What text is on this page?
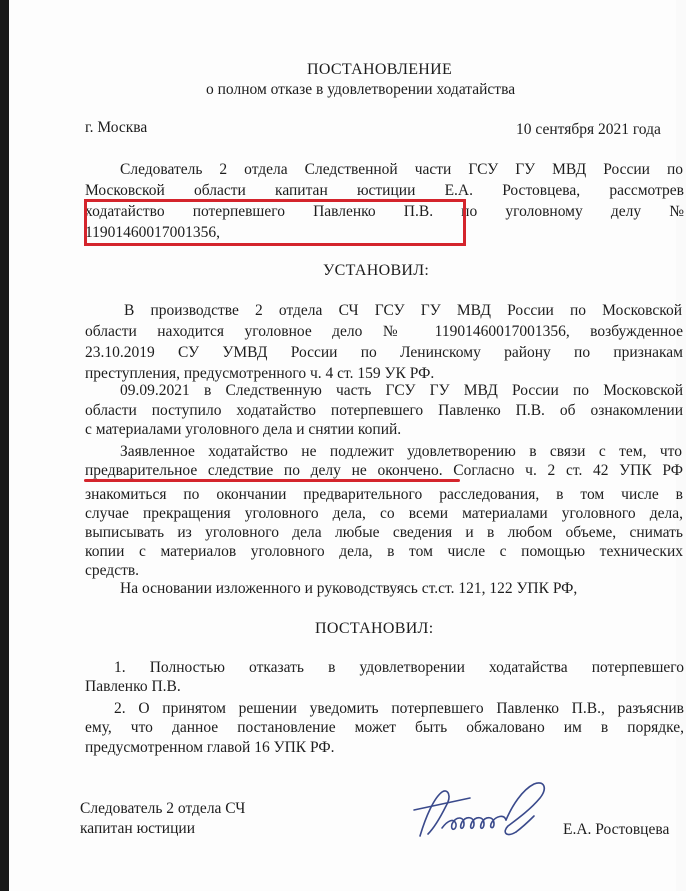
ПОСТАНОВЛЕНИЕ
о полном отказе в удовлетворении ходатайства
г. Москва	10 сентября 2021 года
Следователь 2 отдела Следственной части ГСУ ГУ МВД России по
Московской области капитан юстиции Е.А. Ростовцева, рассмотрев
ходатайство потерпевшего Павленко П.В. по уголовному делу №
11901460017001356,
УСТАНОВИЛ:
В производстве 2 отдела СЧ ГСУ ГУ МВД России по Московской
области находится уголовное дело № 11901460017001356, возбужденное
23.10.2019 СУ УМВД России по Ленинскому району по признакам
преступления, предусмотренного ч. 4 ст. 159 УК РФ.
09.09.2021 в Следственную часть ГСУ ГУ МВД России по Московской
области поступило ходатайство потерпевшего Павленко П.В. об ознакомлении
с материалами уголовного дела и снятии копий.
Заявленное ходатайство не подлежит удовлетворению в связи с тем, что
предварительное следствие по делу не окончено. Согласно ч. 2 ст. 42 УПК РФ
знакомиться по окончании предварительного расследования, в том числе в
случае прекращения уголовного дела, со всеми материалами уголовного дела,
выписывать из уголовного дела любые сведения и в любом объеме, снимать
копии с материалов уголовного дела, в том числе с помощью технических
средств.
На основании изложенного и руководствуясь ст.ст. 121, 122 УПК РФ,
ПОСТАНОВИЛ:
1. Полностью отказать в удовлетворении ходатайства потерпевшего
Павленко П.В.
2. О принятом решении уведомить потерпевшего Павленко П.В., разъяснив
ему, что данное постановление может быть обжаловано им в порядке,
предусмотренном главой 16 УПК РФ.
Следователь 2 отдела СЧ
капитан юстиции	Е.А. Ростовцева
